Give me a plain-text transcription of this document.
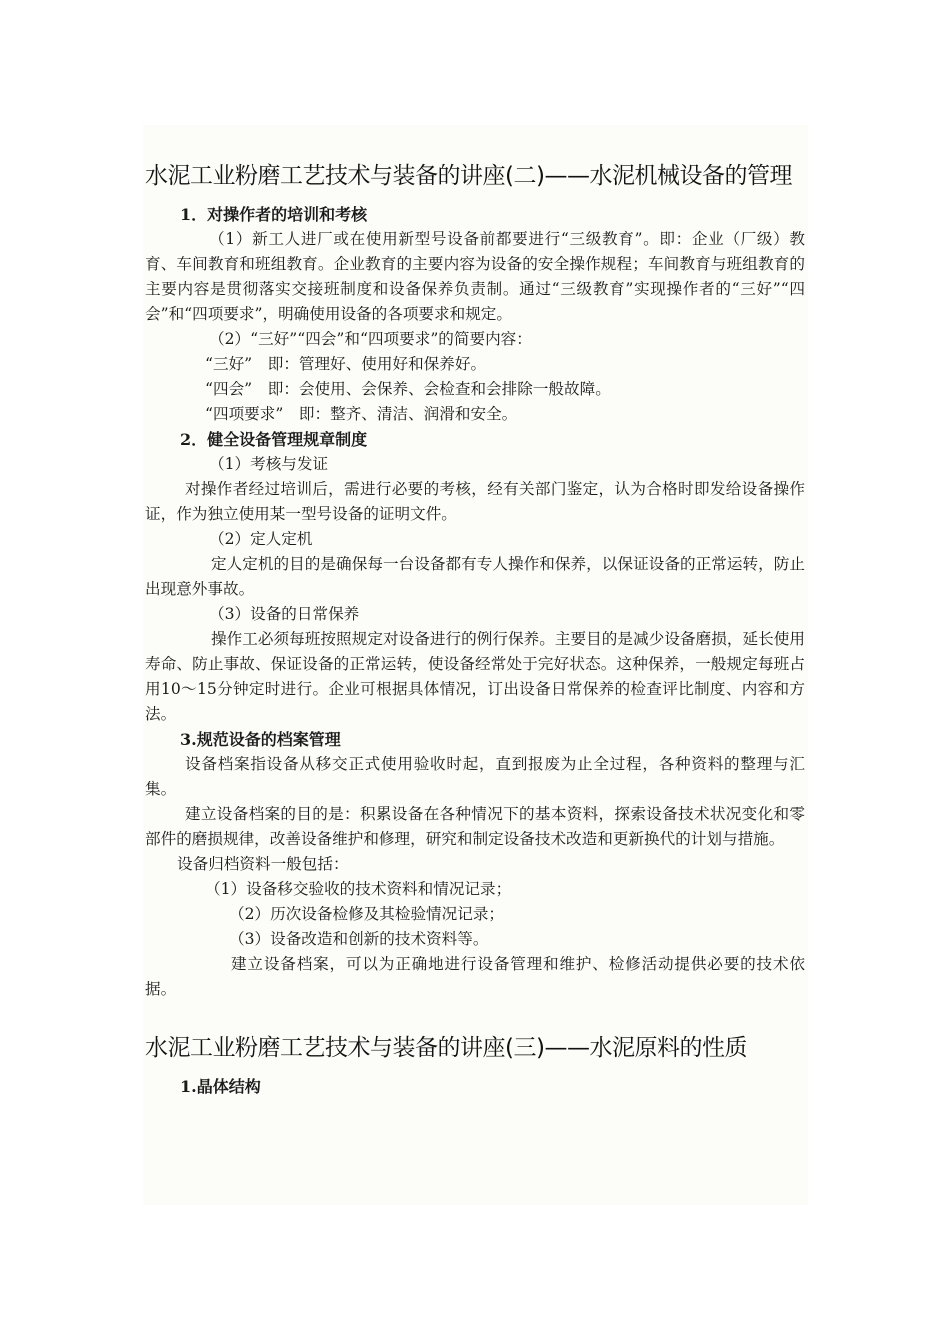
水泥工业粉磨工艺技术与装备的讲座(二)——水泥机械设备的管理
1．对操作者的培训和考核
（1）新工人进厂或在使用新型号设备前都要进行“三级教育”。即：企业（厂级）教育、车间教育和班组教育。企业教育的主要内容为设备的安全操作规程；车间教育与班组教育的主要内容是贯彻落实交接班制度和设备保养负责制。通过“三级教育”实现操作者的“三好”“四会”和“四项要求”，明确使用设备的各项要求和规定。
（2）“三好”“四会”和“四项要求”的简要内容：
“三好”　即：管理好、使用好和保养好。
“四会”　即：会使用、会保养、会检查和会排除一般故障。
“四项要求”　即：整齐、清洁、润滑和安全。
2．健全设备管理规章制度
（1）考核与发证
对操作者经过培训后，需进行必要的考核，经有关部门鉴定，认为合格时即发给设备操作证，作为独立使用某一型号设备的证明文件。
（2）定人定机
定人定机的目的是确保每一台设备都有专人操作和保养，以保证设备的正常运转，防止出现意外事故。
（3）设备的日常保养
操作工必须每班按照规定对设备进行的例行保养。主要目的是减少设备磨损，延长使用寿命、防止事故、保证设备的正常运转，使设备经常处于完好状态。这种保养，一般规定每班占用10～15分钟定时进行。企业可根据具体情况，订出设备日常保养的检查评比制度、内容和方法。
3.规范设备的档案管理
设备档案指设备从移交正式使用验收时起，直到报废为止全过程，各种资料的整理与汇集。
建立设备档案的目的是：积累设备在各种情况下的基本资料，探索设备技术状况变化和零部件的磨损规律，改善设备维护和修理，研究和制定设备技术改造和更新换代的计划与措施。
设备归档资料一般包括：
（1）设备移交验收的技术资料和情况记录；
（2）历次设备检修及其检验情况记录；
（3）设备改造和创新的技术资料等。
建立设备档案，可以为正确地进行设备管理和维护、检修活动提供必要的技术依据。
水泥工业粉磨工艺技术与装备的讲座(三)——水泥原料的性质
1.晶体结构
